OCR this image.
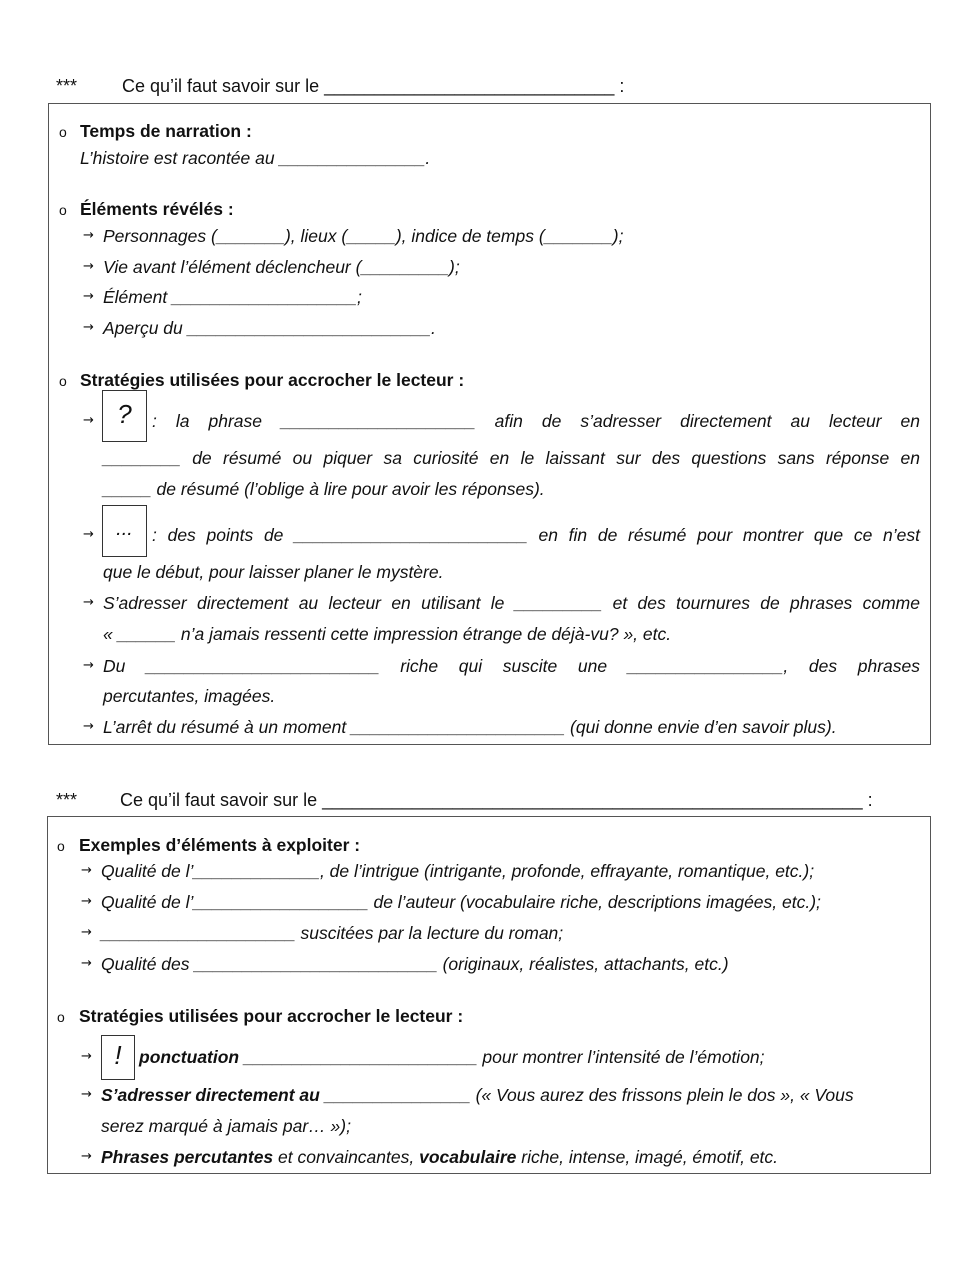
*** Ce qu’il faut savoir sur le _____________________________ :
o Temps de narration :
L’histoire est racontée au _______________.
o Éléments révélés :
→ Personnages (_______), lieux (_____), indice de temps (_______);
→ Vie avant l’élément déclencheur (_________);
→ Élément ___________________;
→ Aperçu du _________________________.
o Stratégies utilisées pour accrocher le lecteur :
→ ?	: la phrase ____________________ afin de s’adresser directement au lecteur en
________ de résumé ou piquer sa curiosité en le laissant sur des questions sans réponse en
_____ de résumé (l’oblige à lire pour avoir les réponses).
→	...	: des points de ________________________ en fin de résumé pour montrer que ce n’est
que le début, pour laisser planer le mystère.
→ S’adresser directement au lecteur en utilisant le _________ et des tournures de phrases comme
« ______ n’a jamais ressenti cette impression étrange de déjà-vu? », etc.
→ Du ________________________ riche qui suscite une ________________, des phrases
percutantes, imagées.
→ L’arrêt du résumé à un moment ______________________ (qui donne envie d’en savoir plus).
*** Ce qu’il faut savoir sur le ______________________________________________________ :
o Exemples d’éléments à exploiter :
→ Qualité de l’_____________, de l’intrigue (intrigante, profonde, effrayante, romantique, etc.);
→ Qualité de l’__________________ de l’auteur (vocabulaire riche, descriptions imagées, etc.);
→ ____________________ suscitées par la lecture du roman;
→ Qualité des _________________________ (originaux, réalistes, attachants, etc.)
o Stratégies utilisées pour accrocher le lecteur :
→ ! ponctuation ________________________ pour montrer l’intensité de l’émotion;
→ S’adresser directement au _______________ (« Vous aurez des frissons plein le dos », « Vous
serez marqué à jamais par… »);
→ Phrases percutantes et convaincantes, vocabulaire riche, intense, imagé, émotif, etc.
